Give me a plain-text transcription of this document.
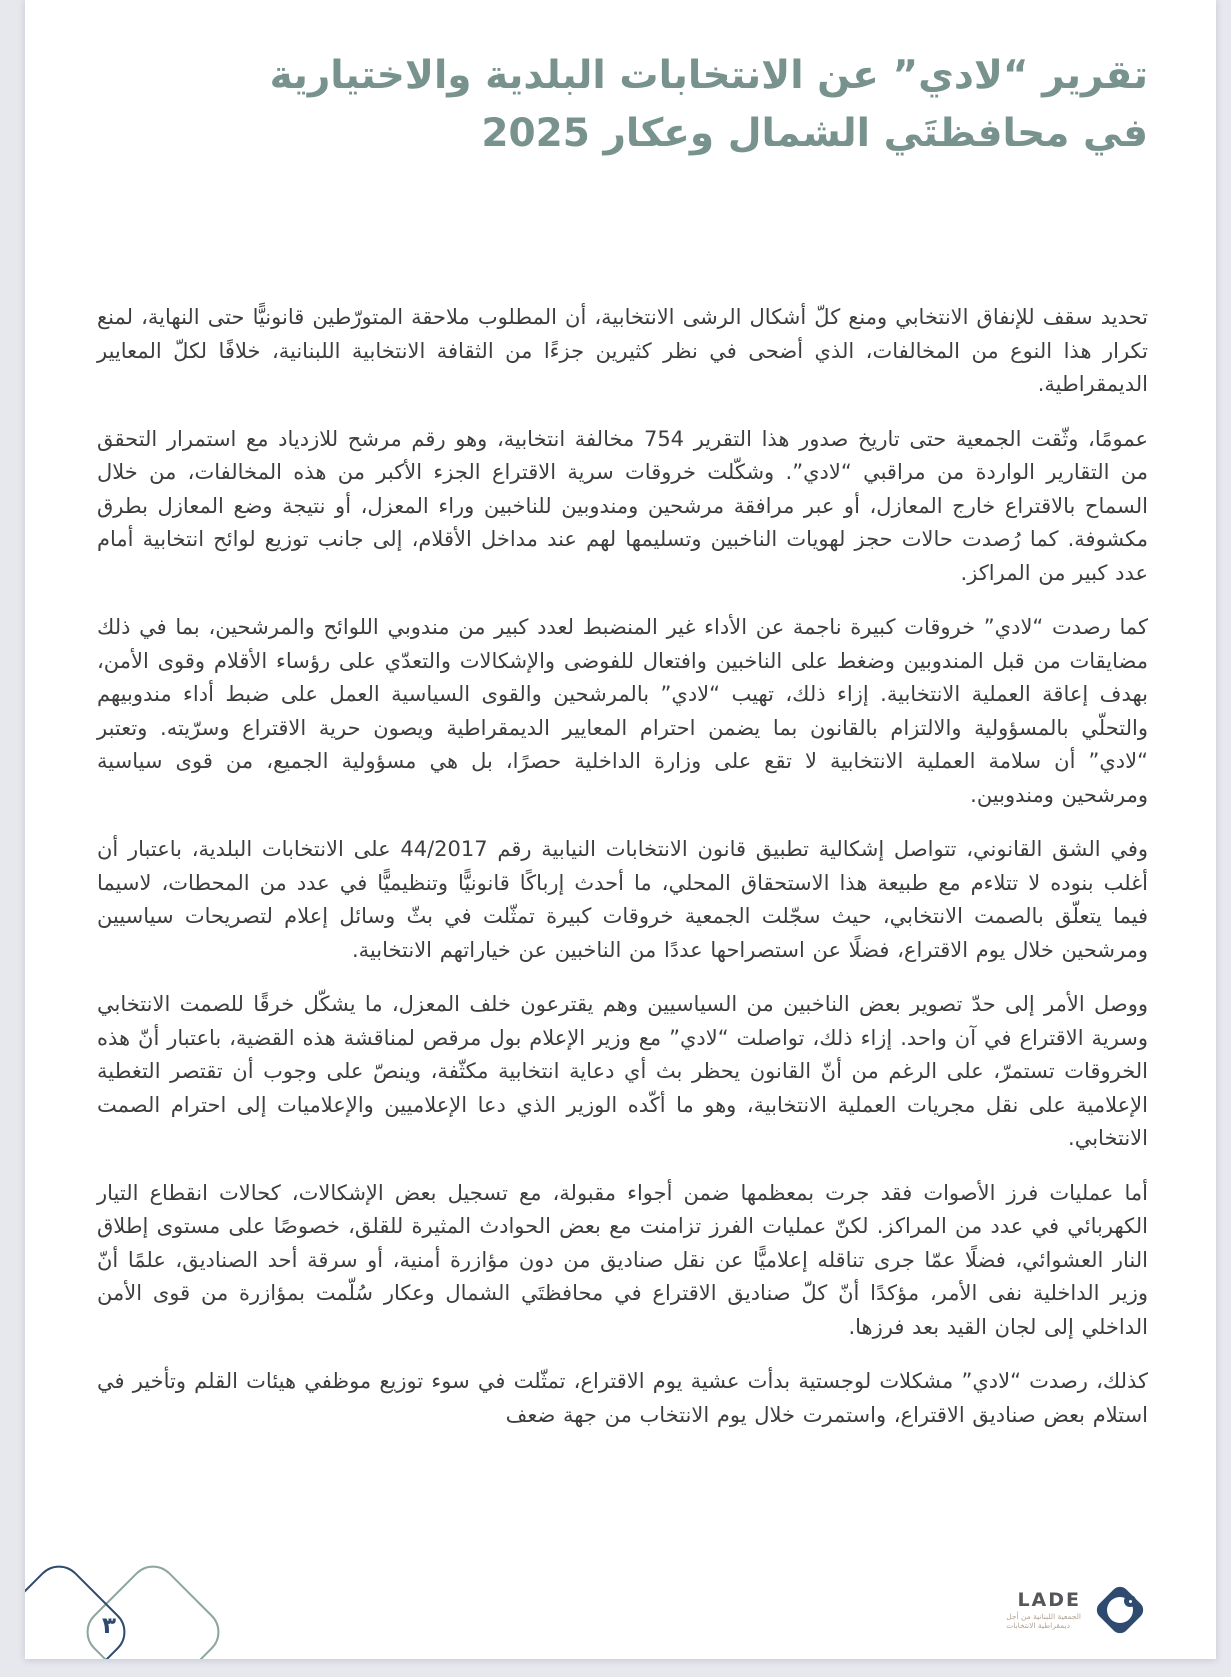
تقرير “لادي” عن الانتخابات البلدية والاختيارية
في محافظتَي الشمال وعكار 2025

تحديد سقف للإنفاق الانتخابي ومنع كلّ أشكال الرشى الانتخابية، أن المطلوب ملاحقة المتورّطين قانونيًّا حتى النهاية، لمنع تكرار هذا النوع من المخالفات، الذي أضحى في نظر كثيرين جزءًا من الثقافة الانتخابية اللبنانية، خلافًا لكلّ المعايير الديمقراطية.

عمومًا، وثّقت الجمعية حتى تاريخ صدور هذا التقرير 754 مخالفة انتخابية، وهو رقم مرشح للازدياد مع استمرار التحقق من التقارير الواردة من مراقبي “لادي”. وشكّلت خروقات سرية الاقتراع الجزء الأكبر من هذه المخالفات، من خلال السماح بالاقتراع خارج المعازل، أو عبر مرافقة مرشحين ومندوبين للناخبين وراء المعزل، أو نتيجة وضع المعازل بطرق مكشوفة. كما رُصدت حالات حجز لهويات الناخبين وتسليمها لهم عند مداخل الأقلام، إلى جانب توزيع لوائح انتخابية أمام عدد كبير من المراكز.

كما رصدت “لادي” خروقات كبيرة ناجمة عن الأداء غير المنضبط لعدد كبير من مندوبي اللوائح والمرشحين، بما في ذلك مضايقات من قبل المندوبين وضغط على الناخبين وافتعال للفوضى والإشكالات والتعدّي على رؤساء الأقلام وقوى الأمن، بهدف إعاقة العملية الانتخابية. إزاء ذلك، تهيب “لادي” بالمرشحين والقوى السياسية العمل على ضبط أداء مندوبيهم والتحلّي بالمسؤولية والالتزام بالقانون بما يضمن احترام المعايير الديمقراطية ويصون حرية الاقتراع وسرّيته. وتعتبر “لادي” أن سلامة العملية الانتخابية لا تقع على وزارة الداخلية حصرًا، بل هي مسؤولية الجميع، من قوى سياسية ومرشحين ومندوبين.

وفي الشق القانوني، تتواصل إشكالية تطبيق قانون الانتخابات النيابية رقم 44/2017 على الانتخابات البلدية، باعتبار أن أغلب بنوده لا تتلاءم مع طبيعة هذا الاستحقاق المحلي، ما أحدث إرباكًا قانونيًّا وتنظيميًّا في عدد من المحطات، لاسيما فيما يتعلّق بالصمت الانتخابي، حيث سجّلت الجمعية خروقات كبيرة تمثّلت في بثّ وسائل إعلام لتصريحات سياسيين ومرشحين خلال يوم الاقتراع، فضلًا عن استصراحها عددًا من الناخبين عن خياراتهم الانتخابية.

ووصل الأمر إلى حدّ تصوير بعض الناخبين من السياسيين وهم يقترعون خلف المعزل، ما يشكّل خرقًا للصمت الانتخابي وسرية الاقتراع في آن واحد. إزاء ذلك، تواصلت “لادي” مع وزير الإعلام بول مرقص لمناقشة هذه القضية، باعتبار أنّ هذه الخروقات تستمرّ، على الرغم من أنّ القانون يحظر بث أي دعاية انتخابية مكثّفة، وينصّ على وجوب أن تقتصر التغطية الإعلامية على نقل مجريات العملية الانتخابية، وهو ما أكّده الوزير الذي دعا الإعلاميين والإعلاميات إلى احترام الصمت الانتخابي.

أما عمليات فرز الأصوات فقد جرت بمعظمها ضمن أجواء مقبولة، مع تسجيل بعض الإشكالات، كحالات انقطاع التيار الكهربائي في عدد من المراكز. لكنّ عمليات الفرز تزامنت مع بعض الحوادث المثيرة للقلق، خصوصًا على مستوى إطلاق النار العشوائي، فضلًا عمّا جرى تناقله إعلاميًّا عن نقل صناديق من دون مؤازرة أمنية، أو سرقة أحد الصناديق، علمًا أنّ وزير الداخلية نفى الأمر، مؤكدًا أنّ كلّ صناديق الاقتراع في محافظتَي الشمال وعكار سُلّمت بمؤازرة من قوى الأمن الداخلي إلى لجان القيد بعد فرزها.

كذلك، رصدت “لادي” مشكلات لوجستية بدأت عشية يوم الاقتراع، تمثّلت في سوء توزيع موظفي هيئات القلم وتأخير في استلام بعض صناديق الاقتراع، واستمرت خلال يوم الانتخاب من جهة ضعف

٣
LADE
الجمعية اللبنانية من أجل
ديمقراطية الانتخابات
